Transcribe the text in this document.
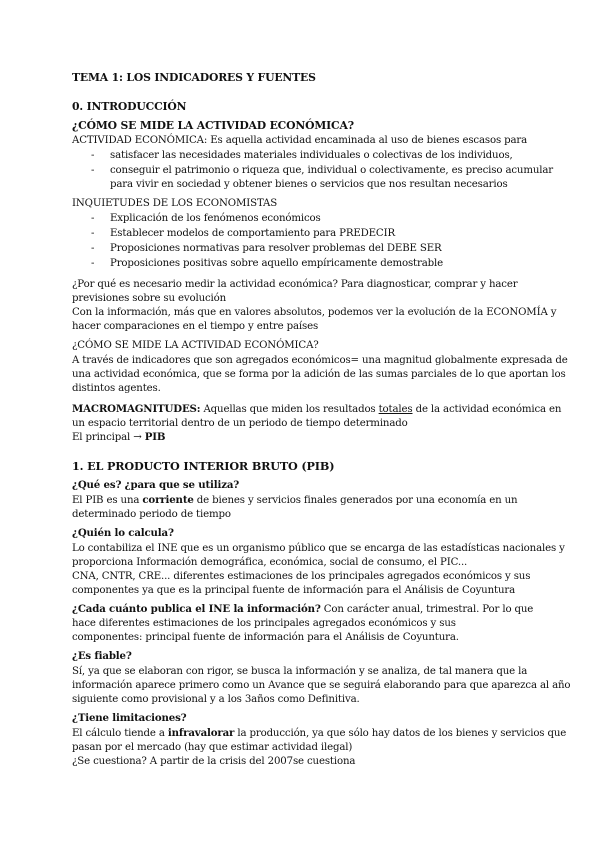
TEMA 1: LOS INDICADORES Y FUENTES
0. INTRODUCCIÓN
¿CÓMO SE MIDE LA ACTIVIDAD ECONÓMICA?
ACTIVIDAD ECONÓMICA: Es aquella actividad encaminada al uso de bienes escasos para
- satisfacer las necesidades materiales individuales o colectivas de los individuos,
- conseguir el patrimonio o riqueza que, individual o colectivamente, es preciso acumular
para vivir en sociedad y obtener bienes o servicios que nos resultan necesarios
INQUIETUDES DE LOS ECONOMISTAS
- Explicación de los fenómenos económicos
- Establecer modelos de comportamiento para PREDECIR
- Proposiciones normativas para resolver problemas del DEBE SER
- Proposiciones positivas sobre aquello empíricamente demostrable
¿Por qué es necesario medir la actividad económica? Para diagnosticar, comprar y hacer
previsiones sobre su evolución
Con la información, más que en valores absolutos, podemos ver la evolución de la ECONOMÍA y
hacer comparaciones en el tiempo y entre países
¿CÓMO SE MIDE LA ACTIVIDAD ECONÓMICA?
A través de indicadores que son agregados económicos= una magnitud globalmente expresada de
una actividad económica, que se forma por la adición de las sumas parciales de lo que aportan los
distintos agentes.
MACROMAGNITUDES: Aquellas que miden los resultados totales de la actividad económica en
un espacio territorial dentro de un periodo de tiempo determinado
El principal → PIB
1. EL PRODUCTO INTERIOR BRUTO (PIB)
¿Qué es? ¿para que se utiliza?
El PIB es una corriente de bienes y servicios finales generados por una economía en un
determinado periodo de tiempo
¿Quién lo calcula?
Lo contabiliza el INE que es un organismo público que se encarga de las estadísticas nacionales y
proporciona Información demográfica, económica, social de consumo, el PIC...
CNA, CNTR, CRE... diferentes estimaciones de los principales agregados económicos y sus
componentes ya que es la principal fuente de información para el Análisis de Coyuntura
¿Cada cuánto publica el INE la información? Con carácter anual, trimestral. Por lo que
hace diferentes estimaciones de los principales agregados económicos y sus
componentes: principal fuente de información para el Análisis de Coyuntura.
¿Es fiable?
Sí, ya que se elaboran con rigor, se busca la información y se analiza, de tal manera que la
información aparece primero como un Avance que se seguirá elaborando para que aparezca al año
siguiente como provisional y a los 3años como Definitiva.
¿Tiene limitaciones?
El cálculo tiende a infravalorar la producción, ya que sólo hay datos de los bienes y servicios que
pasan por el mercado (hay que estimar actividad ilegal)
¿Se cuestiona? A partir de la crisis del 2007se cuestiona
